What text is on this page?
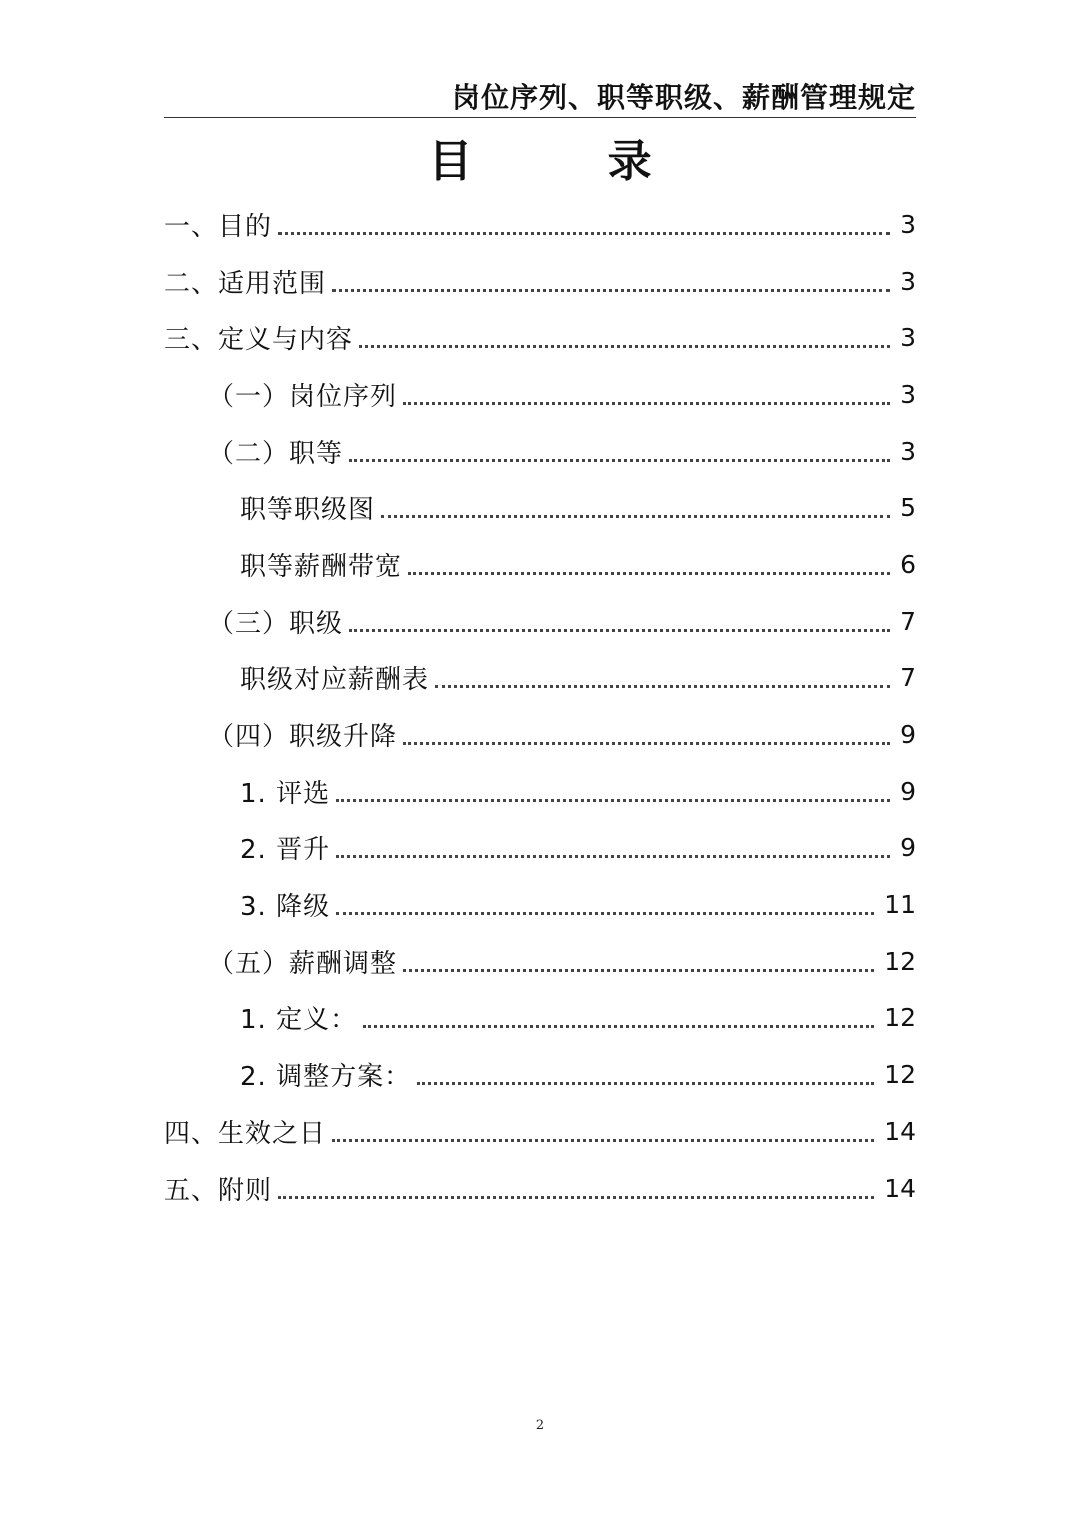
岗位序列、职等职级、薪酬管理规定
目 录
一、目的	3
二、适用范围	3
三、定义与内容	3
（一）岗位序列	3
（二）职等	3
职等职级图	5
职等薪酬带宽	6
（三）职级	7
职级对应薪酬表	7
（四）职级升降	9
1. 评选	9
2. 晋升	9
3. 降级	11
（五）薪酬调整	12
1. 定义：	12
2. 调整方案：	12
四、生效之日	14
五、附则	14
2
